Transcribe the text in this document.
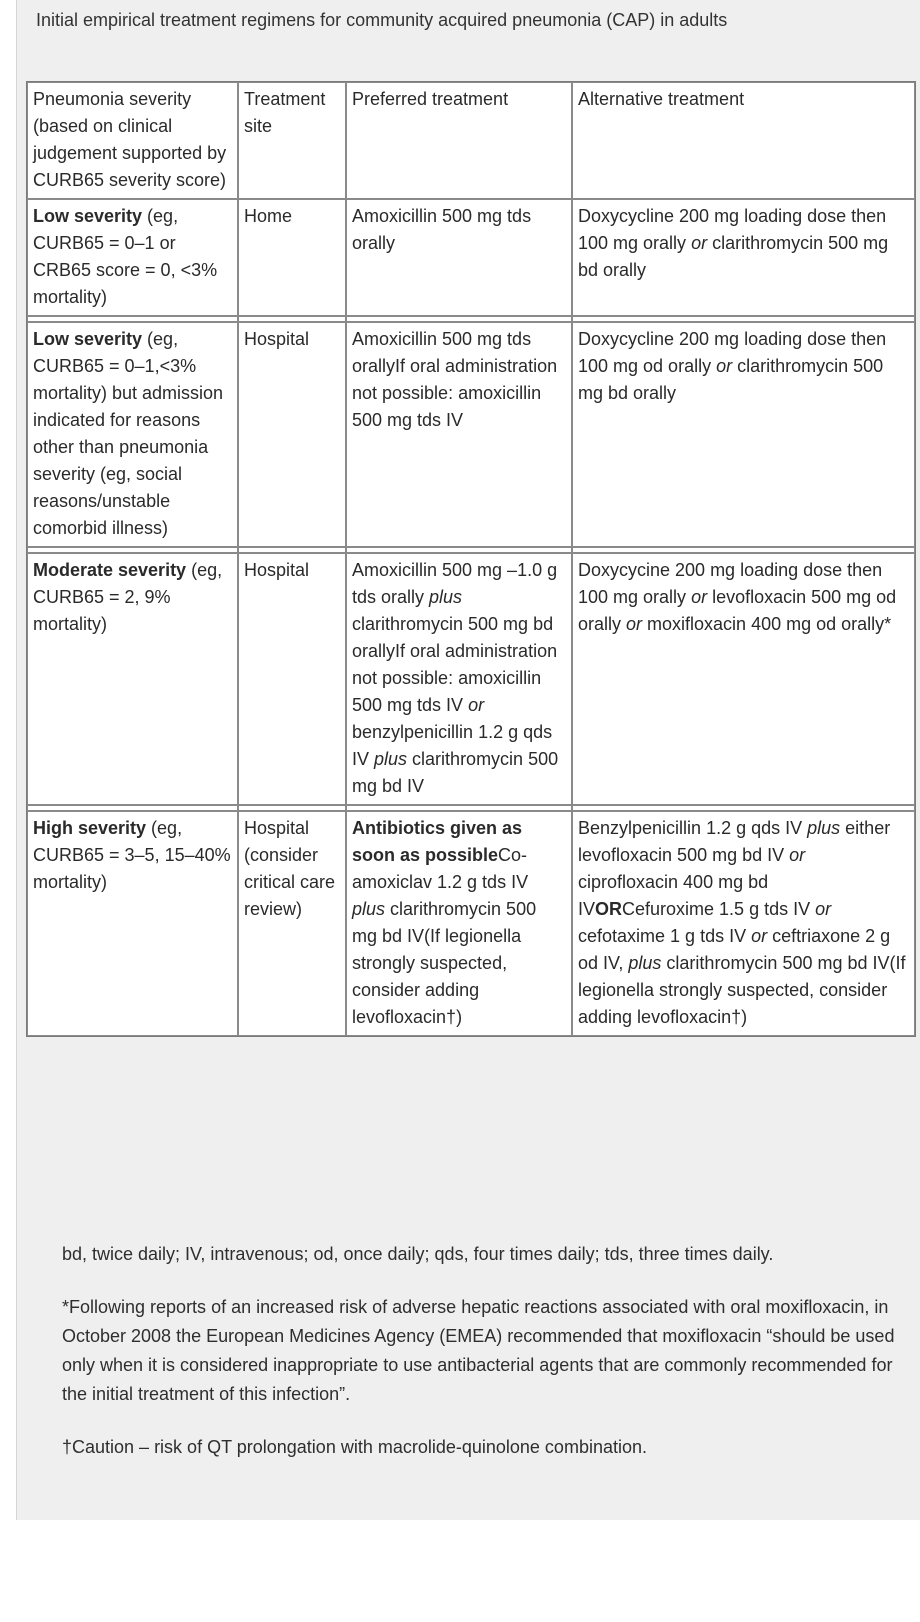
Initial empirical treatment regimens for community acquired pneumonia (CAP) in adults
Pneumonia severity (based on clinical judgement supported by CURB65 severity score)	Treatment site	Preferred treatment	Alternative treatment
Low severity (eg, CURB65 = 0–1 or CRB65 score = 0, <3% mortality)	Home	Amoxicillin 500 mg tds orally	Doxycycline 200 mg loading dose then 100 mg orally or clarithromycin 500 mg bd orally

Low severity (eg, CURB65 = 0–1,<3% mortality) but admission indicated for reasons other than pneumonia severity (eg, social reasons/unstable comorbid illness)	Hospital	Amoxicillin 500 mg tds orallyIf oral administration not possible: amoxicillin 500 mg tds IV	Doxycycline 200 mg loading dose then 100 mg od orally or clarithromycin 500 mg bd orally

Moderate severity (eg, CURB65 = 2, 9% mortality)	Hospital	Amoxicillin 500 mg –1.0 g tds orally plus clarithromycin 500 mg bd orallyIf oral administration not possible: amoxicillin 500 mg tds IV or benzylpenicillin 1.2 g qds IV plus clarithromycin 500 mg bd IV	Doxycycine 200 mg loading dose then 100 mg orally or levofloxacin 500 mg od orally or moxifloxacin 400 mg od orally*

High severity (eg, CURB65 = 3–5, 15–40% mortality)	Hospital (consider critical care review)	Antibiotics given as soon as possibleCo-amoxiclav 1.2 g tds IV plus clarithromycin 500 mg bd IV(If legionella strongly suspected, consider adding levofloxacin†)	Benzylpenicillin 1.2 g qds IV plus either levofloxacin 500 mg bd IV or ciprofloxacin 400 mg bd IVORCefuroxime 1.5 g tds IV or cefotaxime 1 g tds IV or ceftriaxone 2 g od IV, plus clarithromycin 500 mg bd IV(If legionella strongly suspected, consider adding levofloxacin†)

bd, twice daily; IV, intravenous; od, once daily; qds, four times daily; tds, three times daily.

*Following reports of an increased risk of adverse hepatic reactions associated with oral moxifloxacin, in October 2008 the European Medicines Agency (EMEA) recommended that moxifloxacin “should be used only when it is considered inappropriate to use antibacterial agents that are commonly recommended for the initial treatment of this infection”.

†Caution – risk of QT prolongation with macrolide-quinolone combination.
